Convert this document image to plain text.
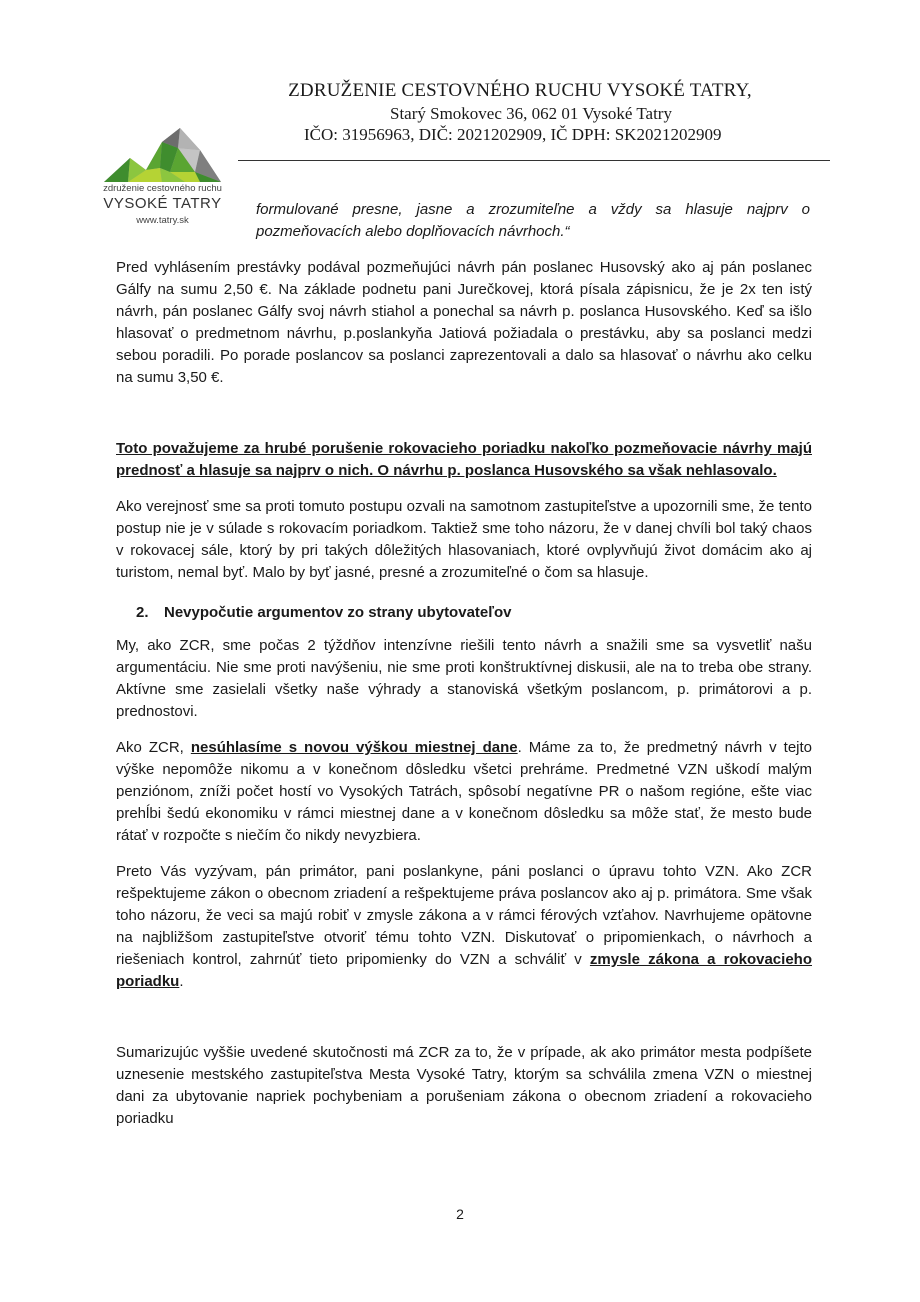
ZDRUŽENIE CESTOVNÉHO RUCHU VYSOKÉ TATRY,
Starý Smokovec 36, 062 01 Vysoké Tatry
IČO: 31956963, DIČ: 2021202909, IČ DPH: SK2021202909
združenie cestovného ruchu
VYSOKÉ TATRY
www.tatry.sk
formulované presne, jasne a zrozumiteľne a vždy sa hlasuje najprv o pozmeňovacích alebo doplňovacích návrhoch.“
Pred vyhlásením prestávky podával pozmeňujúci návrh pán poslanec Husovský ako aj pán poslanec Gálfy na sumu 2,50 €. Na základe podnetu pani Jurečkovej, ktorá písala zápisnicu, že je 2x ten istý návrh, pán poslanec Gálfy svoj návrh stiahol a ponechal sa návrh p. poslanca Husovského. Keď sa išlo hlasovať o predmetnom návrhu, p.poslankyňa Jatiová požiadala o prestávku, aby sa poslanci medzi sebou poradili. Po porade poslancov sa poslanci zaprezentovali a dalo sa hlasovať o návrhu ako celku na sumu 3,50 €.
Toto považujeme za hrubé porušenie rokovacieho poriadku nakoľko pozmeňovacie návrhy majú prednosť a hlasuje sa najprv o nich. O návrhu p. poslanca Husovského sa však nehlasovalo.
Ako verejnosť sme sa proti tomuto postupu ozvali na samotnom zastupiteľstve a upozornili sme, že tento postup nie je v súlade s rokovacím poriadkom. Taktiež sme toho názoru, že v danej chvíli bol taký chaos v rokovacej sále, ktorý by pri takých dôležitých hlasovaniach, ktoré ovplyvňujú život domácim ako aj turistom, nemal byť. Malo by byť jasné, presné a zrozumiteľné o čom sa hlasuje.
2. Nevypočutie argumentov zo strany ubytovateľov
My, ako ZCR, sme počas 2 týždňov intenzívne riešili tento návrh a snažili sme sa vysvetliť našu argumentáciu. Nie sme proti navýšeniu, nie sme proti konštruktívnej diskusii, ale na to treba obe strany. Aktívne sme zasielali všetky naše výhrady a stanoviská všetkým poslancom, p. primátorovi a p. prednostovi.
Ako ZCR, nesúhlasíme s novou výškou miestnej dane. Máme za to, že predmetný návrh v tejto výške nepomôže nikomu a v konečnom dôsledku všetci prehráme. Predmetné VZN uškodí malým penziónom, zníži počet hostí vo Vysokých Tatrách, spôsobí negatívne PR o našom regióne, ešte viac prehĺbi šedú ekonomiku v rámci miestnej dane a v konečnom dôsledku sa môže stať, že mesto bude rátať v rozpočte s niečím čo nikdy nevyzbiera.
Preto Vás vyzývam, pán primátor, pani poslankyne, páni poslanci o úpravu tohto VZN. Ako ZCR rešpektujeme zákon o obecnom zriadení a rešpektujeme práva poslancov ako aj p. primátora. Sme však toho názoru, že veci sa majú robiť v zmysle zákona a v rámci férových vzťahov. Navrhujeme opätovne na najbližšom zastupiteľstve otvoriť tému tohto VZN. Diskutovať o pripomienkach, o návrhoch a riešeniach kontrol, zahrnúť tieto pripomienky do VZN a schváliť v zmysle zákona a rokovacieho poriadku.
Sumarizujúc vyššie uvedené skutočnosti má ZCR za to, že v prípade, ak ako primátor mesta podpíšete uznesenie mestského zastupiteľstva Mesta Vysoké Tatry, ktorým sa schválila zmena VZN o miestnej dani za ubytovanie napriek pochybeniam a porušeniam zákona o obecnom zriadení a rokovacieho poriadku
2
